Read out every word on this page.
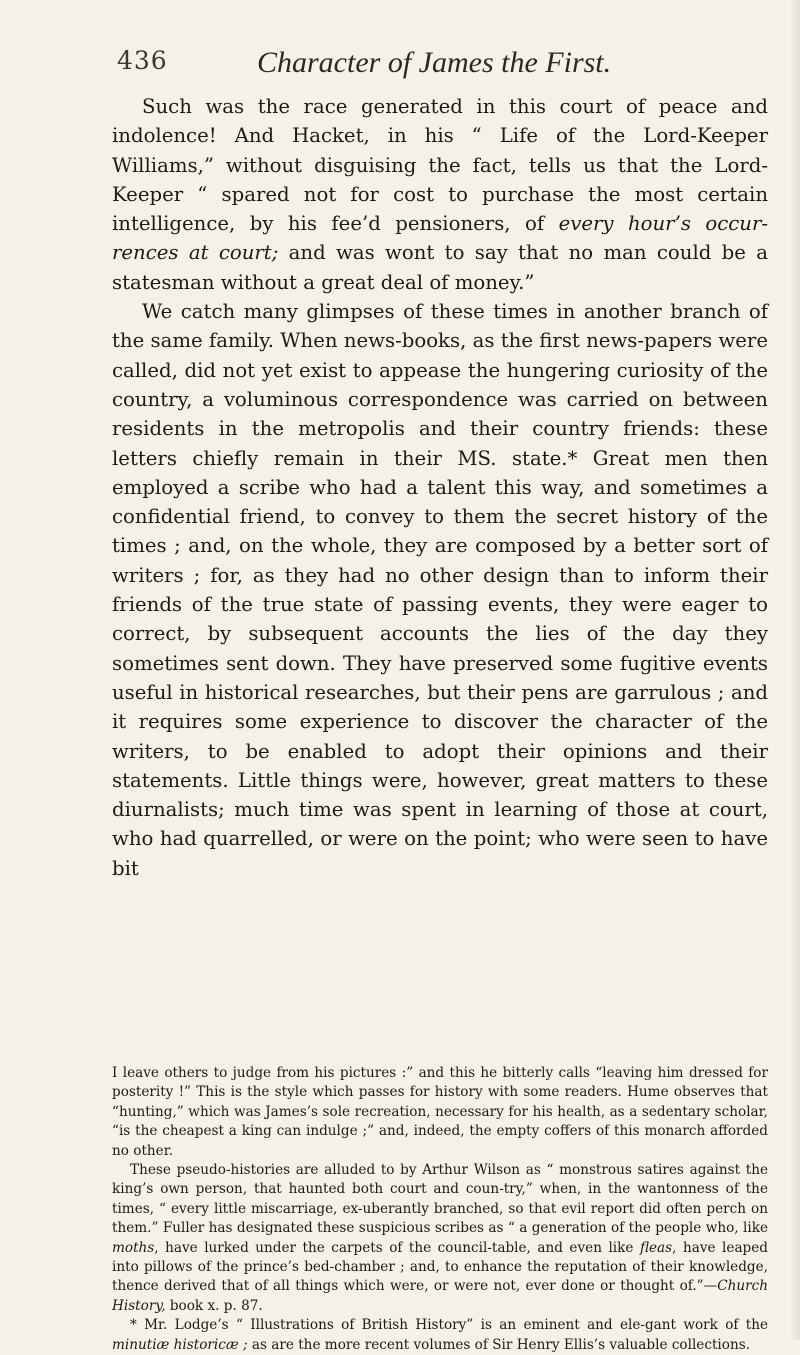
436	Character of James the First.

Such was the race generated in this court of peace and indolence! And Hacket, in his “ Life of the Lord-Keeper Williams,” without disguising the fact, tells us that the Lord-Keeper “ spared not for cost to purchase the most certain intelligence, by his fee’d pensioners, of every hour’s occur-rences at court; and was wont to say that no man could be a statesman without a great deal of money.”

We catch many glimpses of these times in another branch of the same family. When news-books, as the first news-papers were called, did not yet exist to appease the hungering curiosity of the country, a voluminous correspondence was carried on between residents in the metropolis and their country friends: these letters chiefly remain in their MS. state.* Great men then employed a scribe who had a talent this way, and sometimes a confidential friend, to convey to them the secret history of the times ; and, on the whole, they are composed by a better sort of writers ; for, as they had no other design than to inform their friends of the true state of passing events, they were eager to correct, by subsequent accounts the lies of the day they sometimes sent down. They have preserved some fugitive events useful in historical researches, but their pens are garrulous ; and it requires some experience to discover the character of the writers, to be enabled to adopt their opinions and their statements. Little things were, however, great matters to these diurnalists; much time was spent in learning of those at court, who had quarrelled, or were on the point; who were seen to have bit

I leave others to judge from his pictures :” and this he bitterly calls “leaving him dressed for posterity !” This is the style which passes for history with some readers. Hume observes that “hunting,” which was James’s sole recreation, necessary for his health, as a sedentary scholar, “is the cheapest a king can indulge ;” and, indeed, the empty coffers of this monarch afforded no other.

These pseudo-histories are alluded to by Arthur Wilson as “ monstrous satires against the king’s own person, that haunted both court and coun-try,” when, in the wantonness of the times, “ every little miscarriage, ex-uberantly branched, so that evil report did often perch on them.” Fuller has designated these suspicious scribes as “ a generation of the people who, like moths, have lurked under the carpets of the council-table, and even like fleas, have leaped into pillows of the prince’s bed-chamber ; and, to enhance the reputation of their knowledge, thence derived that of all things which were, or were not, ever done or thought of.”—Church History, book x. p. 87.

* Mr. Lodge’s “ Illustrations of British History” is an eminent and ele-gant work of the minutiæ historicæ ; as are the more recent volumes of Sir Henry Ellis’s valuable collections.
